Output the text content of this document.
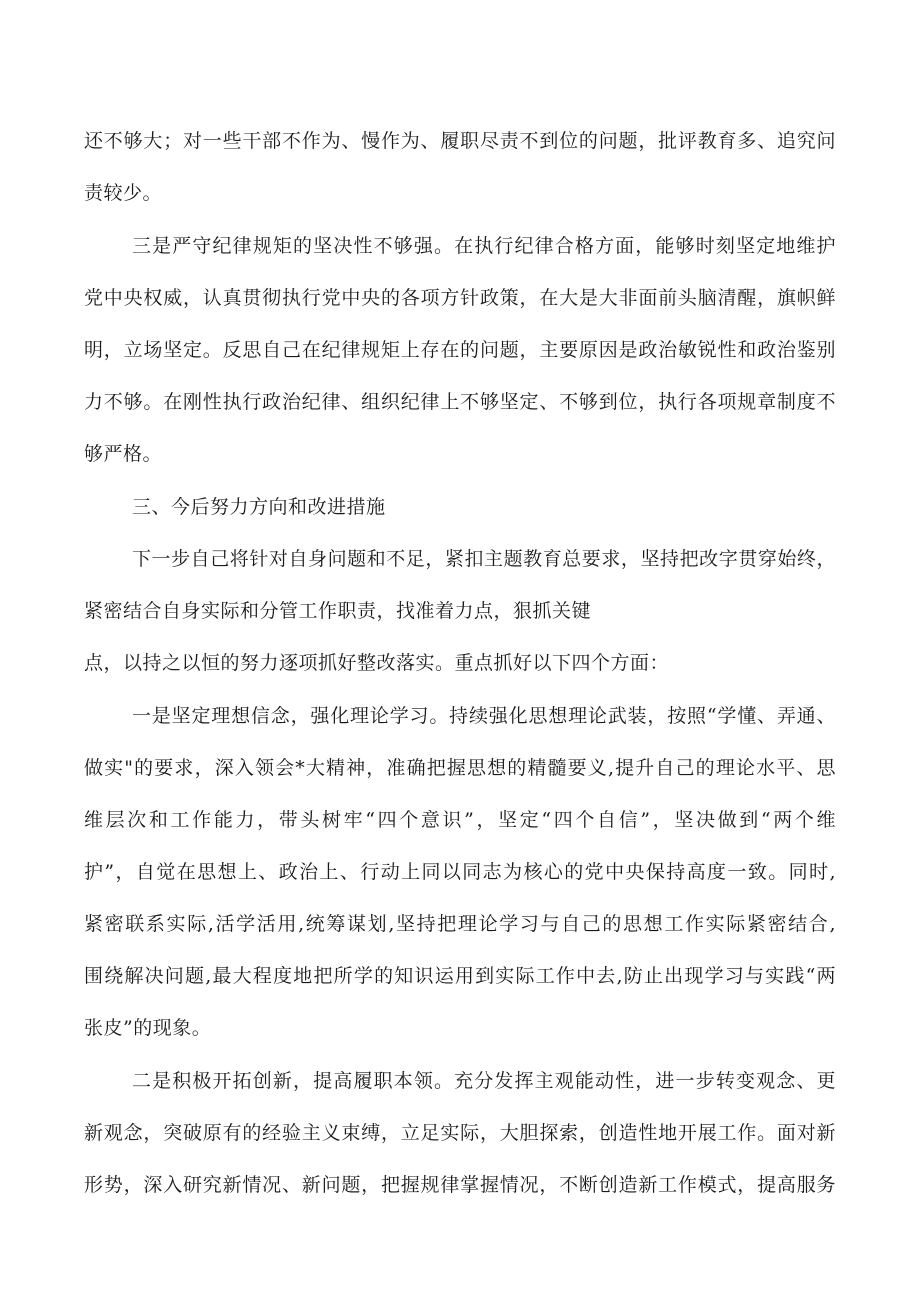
还不够大；对一些干部不作为、慢作为、履职尽责不到位的问题，批评教育多、追究问
责较少。
三是严守纪律规矩的坚决性不够强。在执行纪律合格方面，能够时刻坚定地维护
党中央权威，认真贯彻执行党中央的各项方针政策，在大是大非面前头脑清醒，旗帜鲜
明，立场坚定。反思自己在纪律规矩上存在的问题，主要原因是政治敏锐性和政治鉴别
力不够。在刚性执行政治纪律、组织纪律上不够坚定、不够到位，执行各项规章制度不
够严格。
三、今后努力方向和改进措施
下一步自己将针对自身问题和不足，紧扣主题教育总要求，坚持把改字贯穿始终，
紧密结合自身实际和分管工作职责，找准着力点，狠抓关键
点，以持之以恒的努力逐项抓好整改落实。重点抓好以下四个方面：
一是坚定理想信念，强化理论学习。持续强化思想理论武装，按照“学懂、弄通、
做实"的要求，深入领会*大精神，准确把握思想的精髓要义,提升自己的理论水平、思
维层次和工作能力，带头树牢“四个意识”，坚定“四个自信”，坚决做到“两个维
护”，自觉在思想上、政治上、行动上同以同志为核心的党中央保持高度一致。同时,
紧密联系实际,活学活用,统筹谋划,坚持把理论学习与自己的思想工作实际紧密结合,
围绕解决问题,最大程度地把所学的知识运用到实际工作中去,防止出现学习与实践“两
张皮”的现象。
二是积极开拓创新，提高履职本领。充分发挥主观能动性，进一步转变观念、更
新观念，突破原有的经验主义束缚，立足实际，大胆探索，创造性地开展工作。面对新
形势，深入研究新情况、新问题，把握规律掌握情况，不断创造新工作模式，提高服务
